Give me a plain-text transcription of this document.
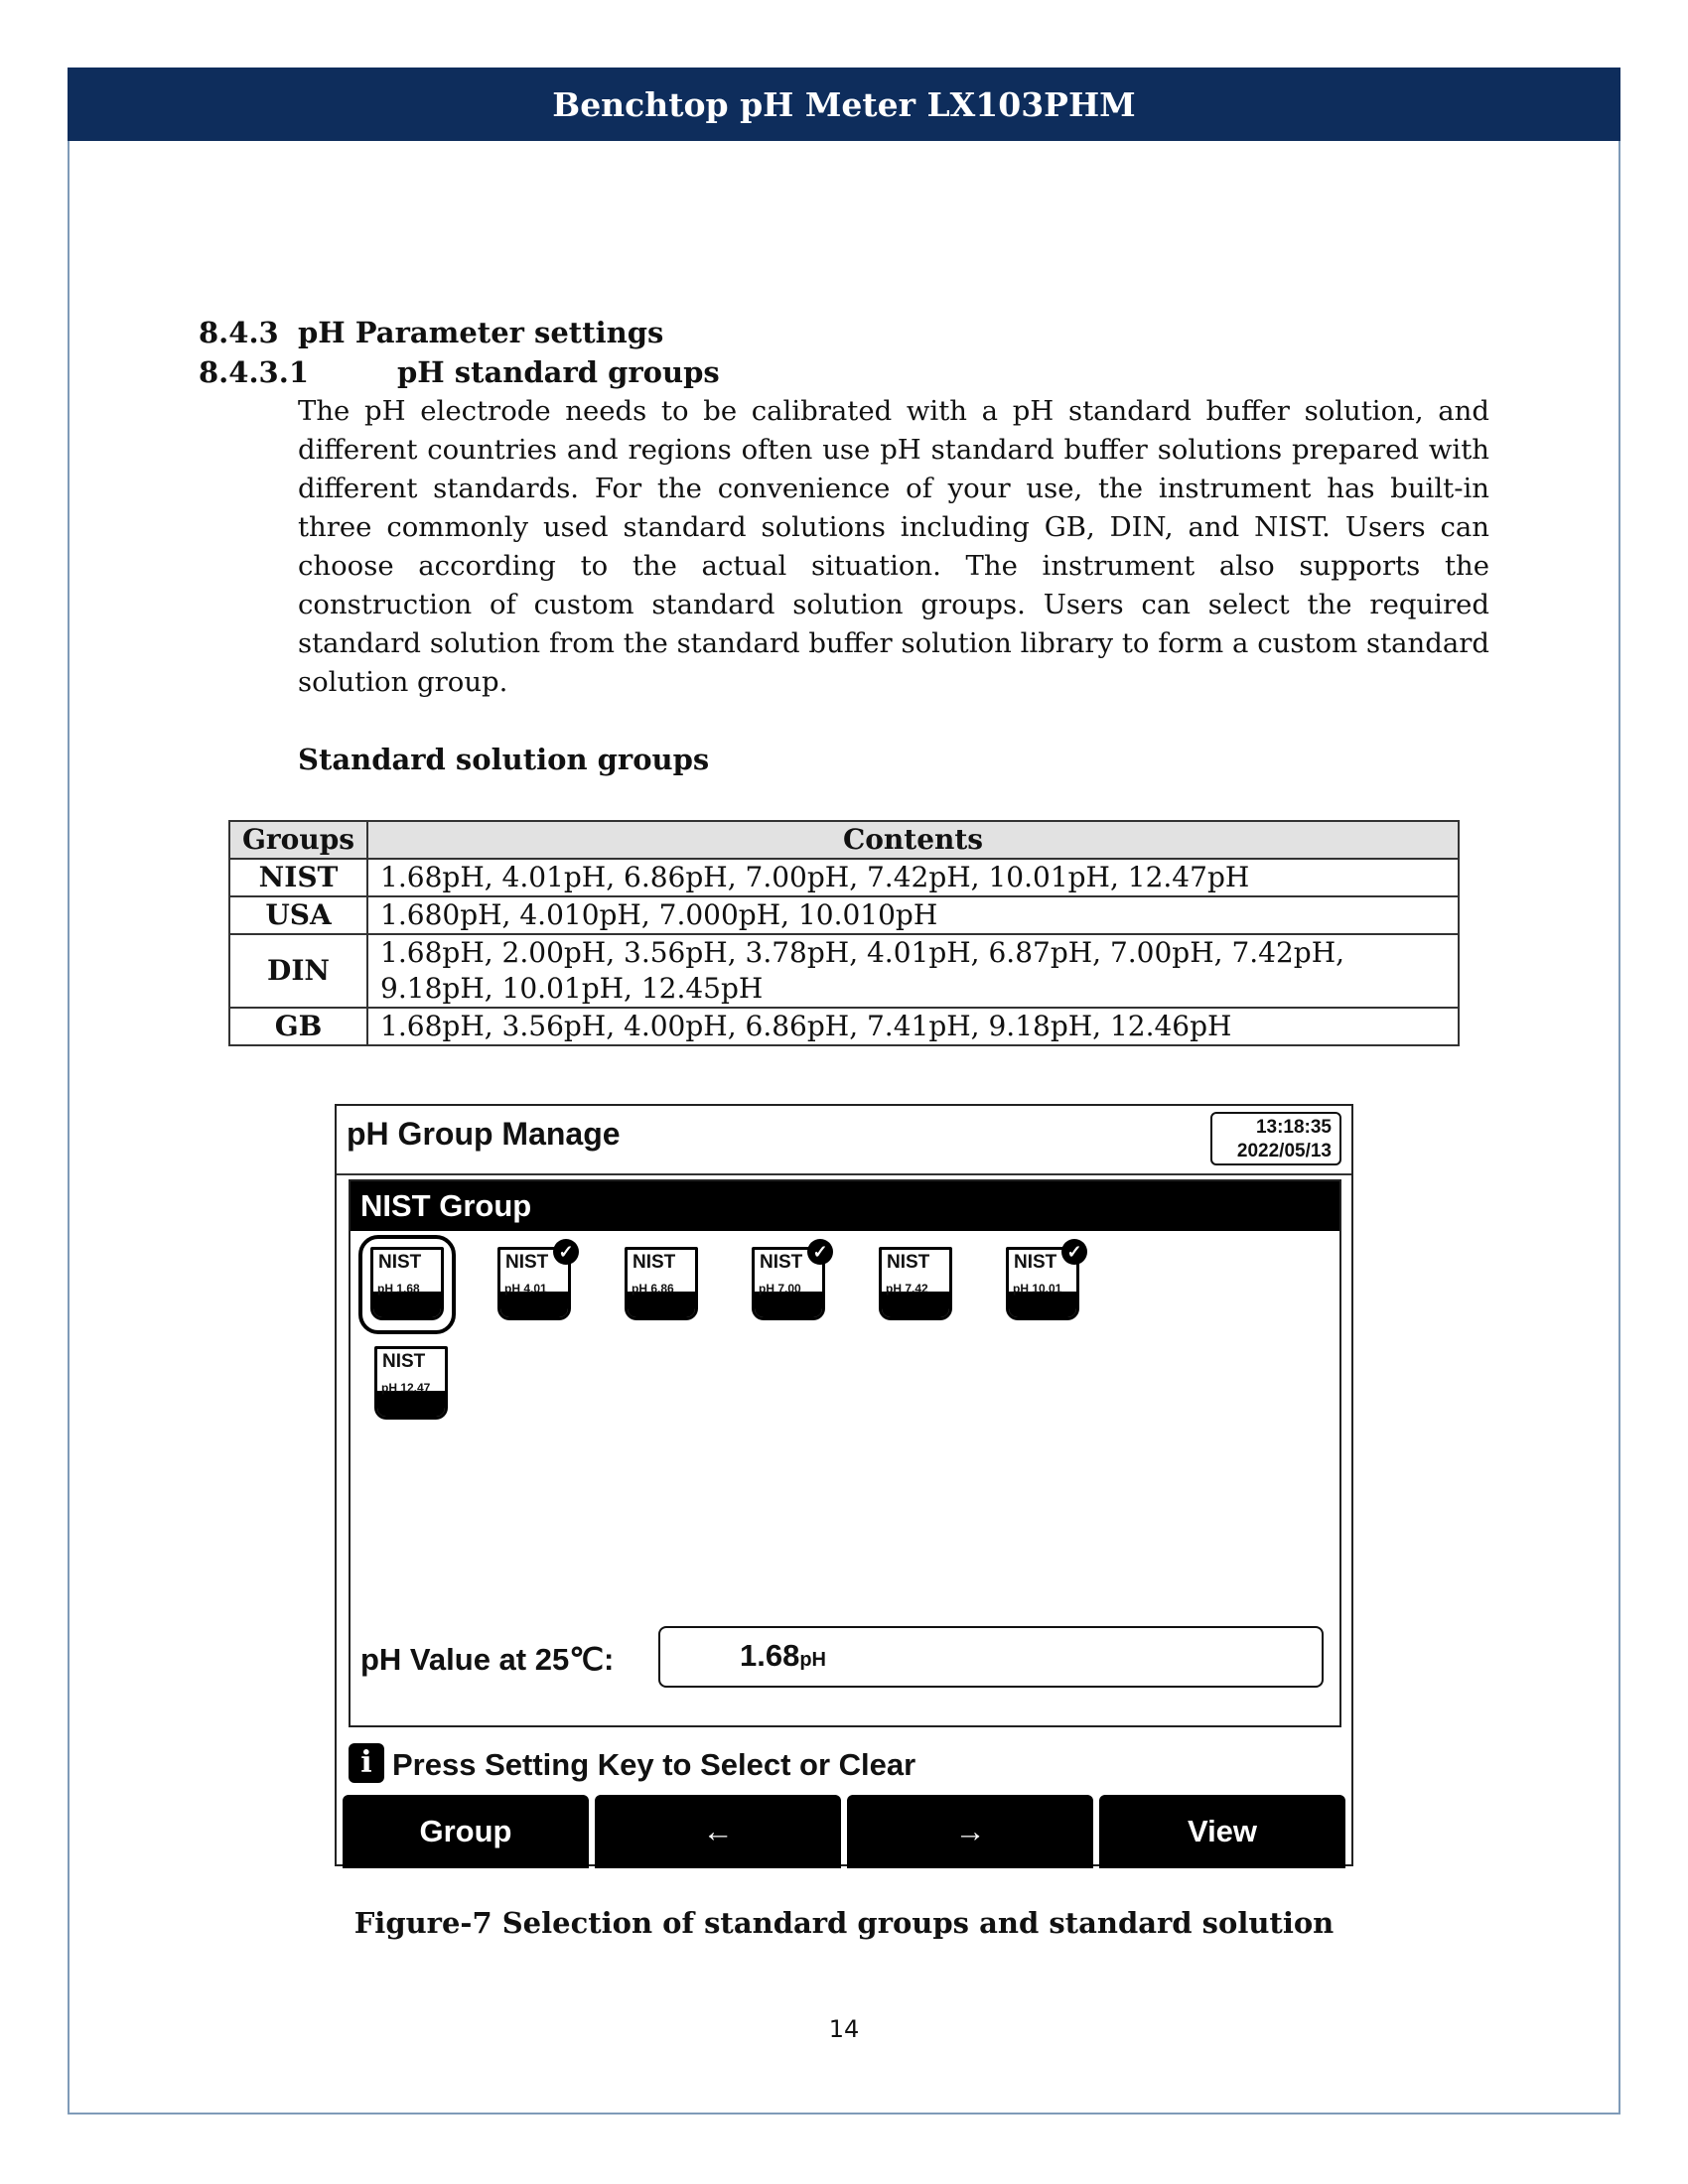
Benchtop pH Meter LX103PHM
8.4.3 pH Parameter settings
8.4.3.1	pH standard groups
The pH electrode needs to be calibrated with a pH standard buffer solution, and different countries and regions often use pH standard buffer solutions prepared with different standards. For the convenience of your use, the instrument has built-in three commonly used standard solutions including GB, DIN, and NIST. Users can choose according to the actual situation. The instrument also supports the construction of custom standard solution groups. Users can select the required standard solution from the standard buffer solution library to form a custom standard solution group.
Standard solution groups
Groups	Contents
NIST	1.68pH, 4.01pH, 6.86pH, 7.00pH, 7.42pH, 10.01pH, 12.47pH
USA	1.680pH, 4.010pH, 7.000pH, 10.010pH
DIN	1.68pH, 2.00pH, 3.56pH, 3.78pH, 4.01pH, 6.87pH, 7.00pH, 7.42pH, 9.18pH, 10.01pH, 12.45pH
GB	1.68pH, 3.56pH, 4.00pH, 6.86pH, 7.41pH, 9.18pH, 12.46pH
pH Group Manage	13:18:35
2022/05/13
NIST Group
NIST
pH 1.68
NIST
pH 4.01
✓	NIST
pH 6.86
NIST
pH 7.00
✓	NIST
pH 7.42
NIST
pH 10.01
✓
NIST
pH 12.47
pH Value at 25℃:	1.68pH
i Press Setting Key to Select or Clear
Group	←	→	View
Figure-7 Selection of standard groups and standard solution
14
